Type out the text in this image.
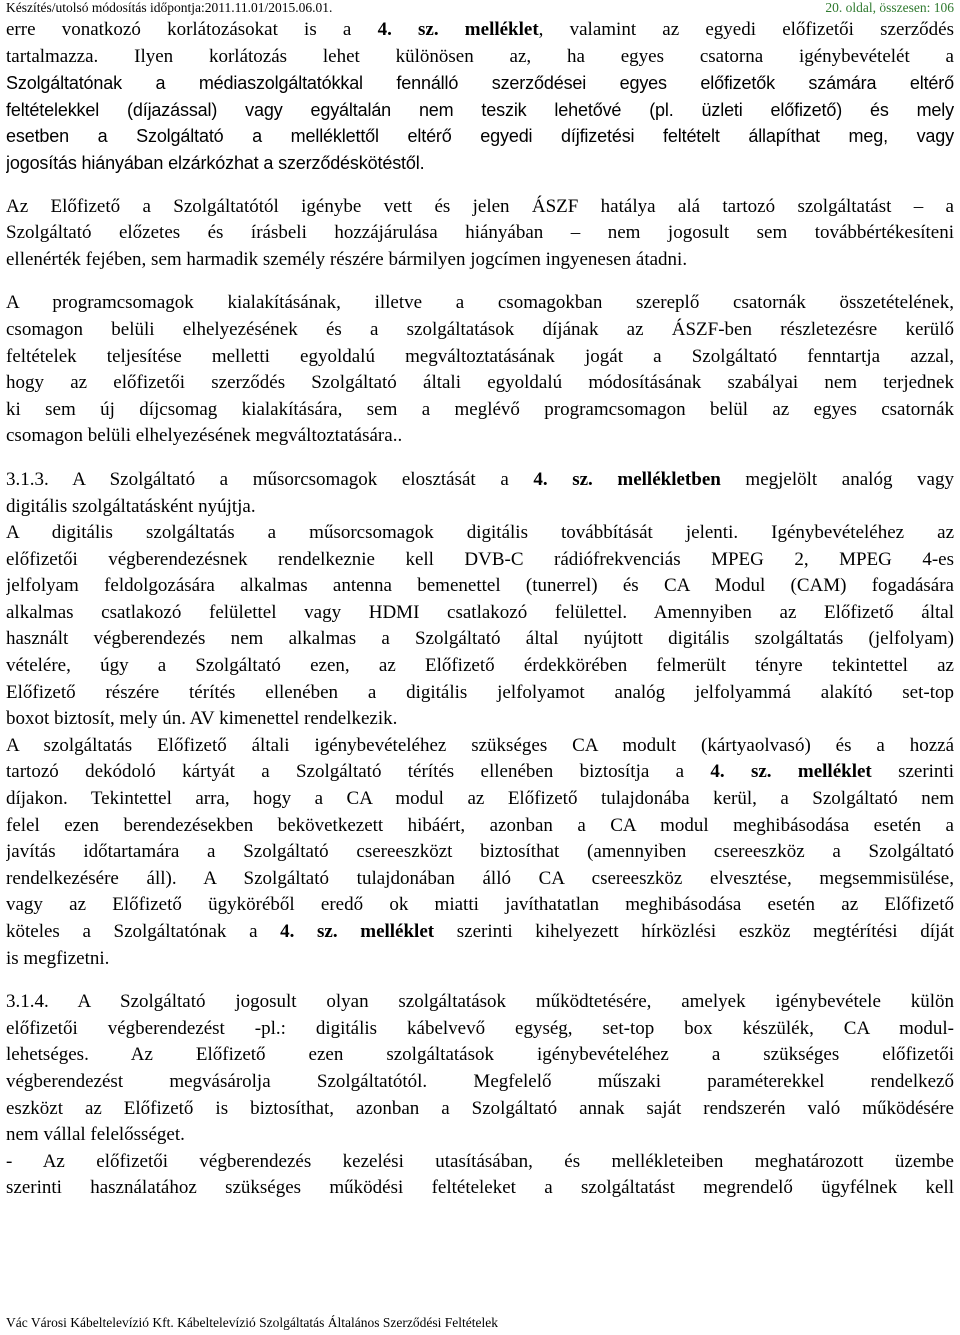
Készítés/utolsó módosítás időpontja:2011.11.01/2015.06.01.	20. oldal, összesen: 106
erre vonatkozó korlátozásokat is a 4. sz. melléklet, valamint az egyedi előfizetői szerződés
tartalmazza. Ilyen korlátozás lehet különösen az, ha egyes csatorna igénybevételét a
Szolgáltatónak a médiaszolgáltatókkal fennálló szerződései egyes előfizetők számára eltérő
feltételekkel (díjazással) vagy egyáltalán nem teszik lehetővé (pl. üzleti előfizető) és mely
esetben a Szolgáltató a melléklettől eltérő egyedi díjfizetési feltételt állapíthat meg, vagy
jogosítás hiányában elzárkózhat a szerződéskötéstől.
Az Előfizető a Szolgáltatótól igénybe vett és jelen ÁSZF hatálya alá tartozó szolgáltatást – a
Szolgáltató előzetes és írásbeli hozzájárulása hiányában – nem jogosult sem továbbértékesíteni
ellenérték fejében, sem harmadik személy részére bármilyen jogcímen ingyenesen átadni.
A programcsomagok kialakításának, illetve a csomagokban szereplő csatornák összetételének,
csomagon belüli elhelyezésének és a szolgáltatások díjának az ÁSZF-ben részletezésre kerülő
feltételek teljesítése melletti egyoldalú megváltoztatásának jogát a Szolgáltató fenntartja azzal,
hogy az előfizetői szerződés Szolgáltató általi egyoldalú módosításának szabályai nem terjednek
ki sem új díjcsomag kialakítására, sem a meglévő programcsomagon belül az egyes csatornák
csomagon belüli elhelyezésének megváltoztatására..
3.1.3. A Szolgáltató a műsorcsomagok elosztását a 4. sz. mellékletben megjelölt analóg vagy
digitális szolgáltatásként nyújtja.
A digitális szolgáltatás a műsorcsomagok digitális továbbítását jelenti. Igénybevételéhez az
előfizetői végberendezésnek rendelkeznie kell DVB-C rádiófrekvenciás MPEG 2, MPEG 4-es
jelfolyam feldolgozására alkalmas antenna bemenettel (tunerrel) és CA Modul (CAM) fogadására
alkalmas csatlakozó felülettel vagy HDMI csatlakozó felülettel. Amennyiben az Előfizető által
használt végberendezés nem alkalmas a Szolgáltató által nyújtott digitális szolgáltatás (jelfolyam)
vételére, úgy a Szolgáltató ezen, az Előfizető érdekkörében felmerült tényre tekintettel az
Előfizető részére térítés ellenében a digitális jelfolyamot analóg jelfolyammá alakító set-top
boxot biztosít, mely ún. AV kimenettel rendelkezik.
A szolgáltatás Előfizető általi igénybevételéhez szükséges CA modult (kártyaolvasó) és a hozzá
tartozó dekódoló kártyát a Szolgáltató térítés ellenében biztosítja a 4. sz. melléklet szerinti
díjakon. Tekintettel arra, hogy a CA modul az Előfizető tulajdonába kerül, a Szolgáltató nem
felel ezen berendezésekben bekövetkezett hibáért, azonban a CA modul meghibásodása esetén a
javítás időtartamára a Szolgáltató csereeszközt biztosíthat (amennyiben csereeszköz a Szolgáltató
rendelkezésére áll). A Szolgáltató tulajdonában álló CA csereeszköz elvesztése, megsemmisülése,
vagy az Előfizető ügyköréből eredő ok miatti javíthatatlan meghibásodása esetén az Előfizető
köteles a Szolgáltatónak a 4. sz. melléklet szerinti kihelyezett hírközlési eszköz megtérítési díját
is megfizetni.
3.1.4. A Szolgáltató jogosult olyan szolgáltatások működtetésére, amelyek igénybevétele külön
előfizetői végberendezést -pl.: digitális kábelvevő egység, set-top box készülék, CA modul-
lehetséges. Az Előfizető ezen szolgáltatások igénybevételéhez a szükséges előfizetői
végberendezést megvásárolja Szolgáltatótól. Megfelelő műszaki paraméterekkel rendelkező
eszközt az Előfizető is biztosíthat, azonban a Szolgáltató annak saját rendszerén való működésére
nem vállal felelősséget.
- Az előfizetői végberendezés kezelési utasításában, és mellékleteiben meghatározott üzembe
szerinti használatához szükséges működési feltételeket a szolgáltatást megrendelő ügyfélnek kell
Vác Városi Kábeltelevízió Kft. Kábeltelevízió Szolgáltatás Általános Szerződési Feltételek
